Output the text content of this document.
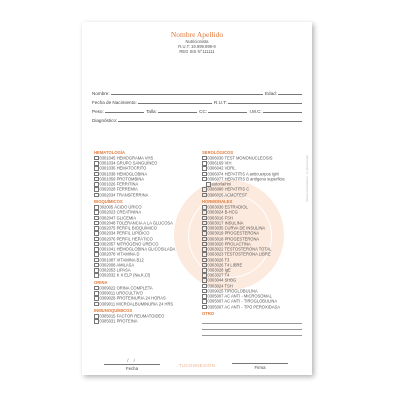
Nombre Apellido
Nutricionista
R.U.T: 19.999.999-9
REG SIS N°111111
Nombre:	Edad:
Fecha de Nacimiento:	R.U.T:
Peso:	Talla:	CC:	I.M.C:
Diagnóstico:
HEMATOLOGÍA
0301045 HEMOGRAMA VHS
0301034 GRUPO SANGUÍNEO
0301036 HEMATOCRITO
0301038 HEMOGLOBINA
0301059 PROTOMBINA
0301026 FERRITINA
0302028 FERREMIA
0302034 TRANSFERRINA
BIOQUÍMICOS
302005 ÁCIDO ÚRICO
0302023 CREATININA
0302047 GLICEMIA
0302048 TOLERANCIA A LA GLUCOSA
0302075 PERFIL BIOQUÍMICO
0302034 PERFIL LIPÍDICO
0302076 PERFIL HEPÁTICO
0302057 NITRÓGENO UREICO
0301041 HEMOGLOBINA GLICOSILADA
0302078 VITAMINA D
0301087 VITAMINA B12
0302008 AMILASA
0302053 LIPASA
0302032 K X ELP (Na,K,Cl)
ORINA
0309022 ORINA COMPLETA
0309011 UROCULTIVO
0309028 PROTEINURIA 24 HORAS
0309011 MICROALBUMINURIA 24 HRS
INMUNOQUÍMICOS
0305015 FACTOR REUMATOIDEO
0305031 PROTEINA
SEROLÓGICOS
0306030 TEST MONONUCLEOSIS
0306169 VIH
0306042 VDRL
0306074 HEPATITIS A anticuerpos IgM
0306077 HEPATITIS B antígeno superficie
autoría/rini
0306080 HEPATITIS C
0306026 ACMOTEST
HORMONALES
0303030 ESTRADIOL
0303024 B-HCG
0303016 FSH
0303017 INSULINA
0303035 CURVA DE INSULINA
0303019 PROGESTERONA
0303018 PROGESTERONA
0303020 PROLACTINA
0303022 TESTOSTERONA TOTAL
0303023 TESTOSTERONA LIBRE
0303026 T3
0303026 T4 LIBRE
0303028 IgE
0303027 T4
0303044 SHBG
0303024 TSH
0309025 TIROGLOBULINA
0305007 AC ANTI - MICROSOMAL
0305007 AC ANTI - TIROGLOBULINA
0305007 AC ANTI - TPO PEROXIDASA
OTRO
Recetas Personalizadas - IG: @tuconnexion
/ /
Fecha
TUCONNEXIÓN	Firma
